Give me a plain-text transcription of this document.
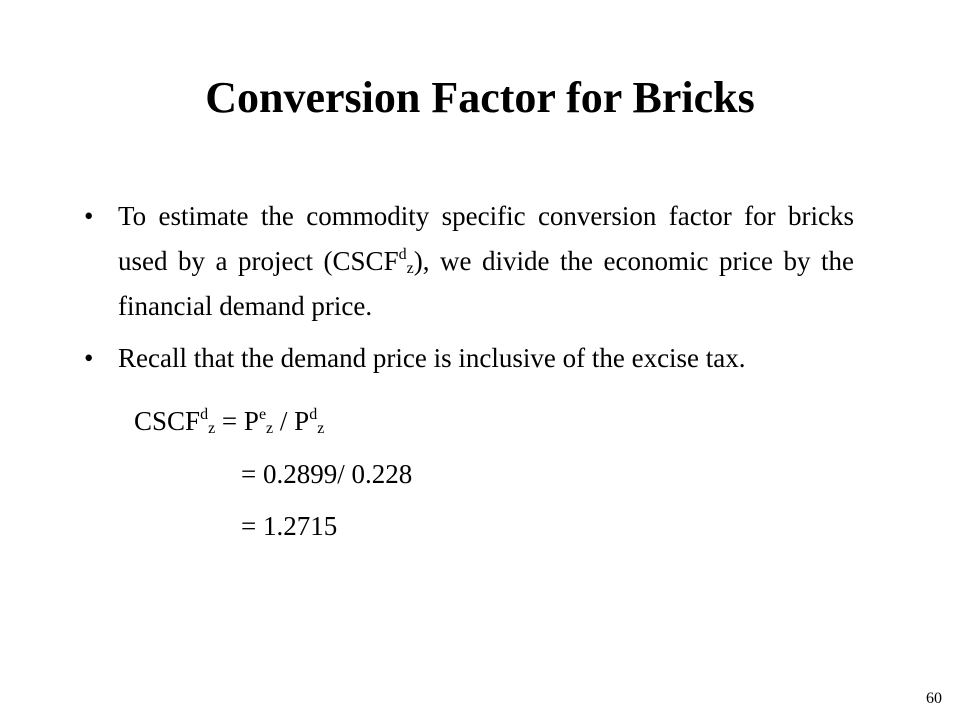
Conversion Factor for Bricks
• To estimate the commodity specific conversion factor for bricks used by a project $(CSCF^d_z)$, we divide the economic price by the financial demand price.
• Recall that the demand price is inclusive of the excise tax.
$CSCF^d_z = P^e_z / P^d_z$
= 0.2899/ 0.228
= 1.2715
60
